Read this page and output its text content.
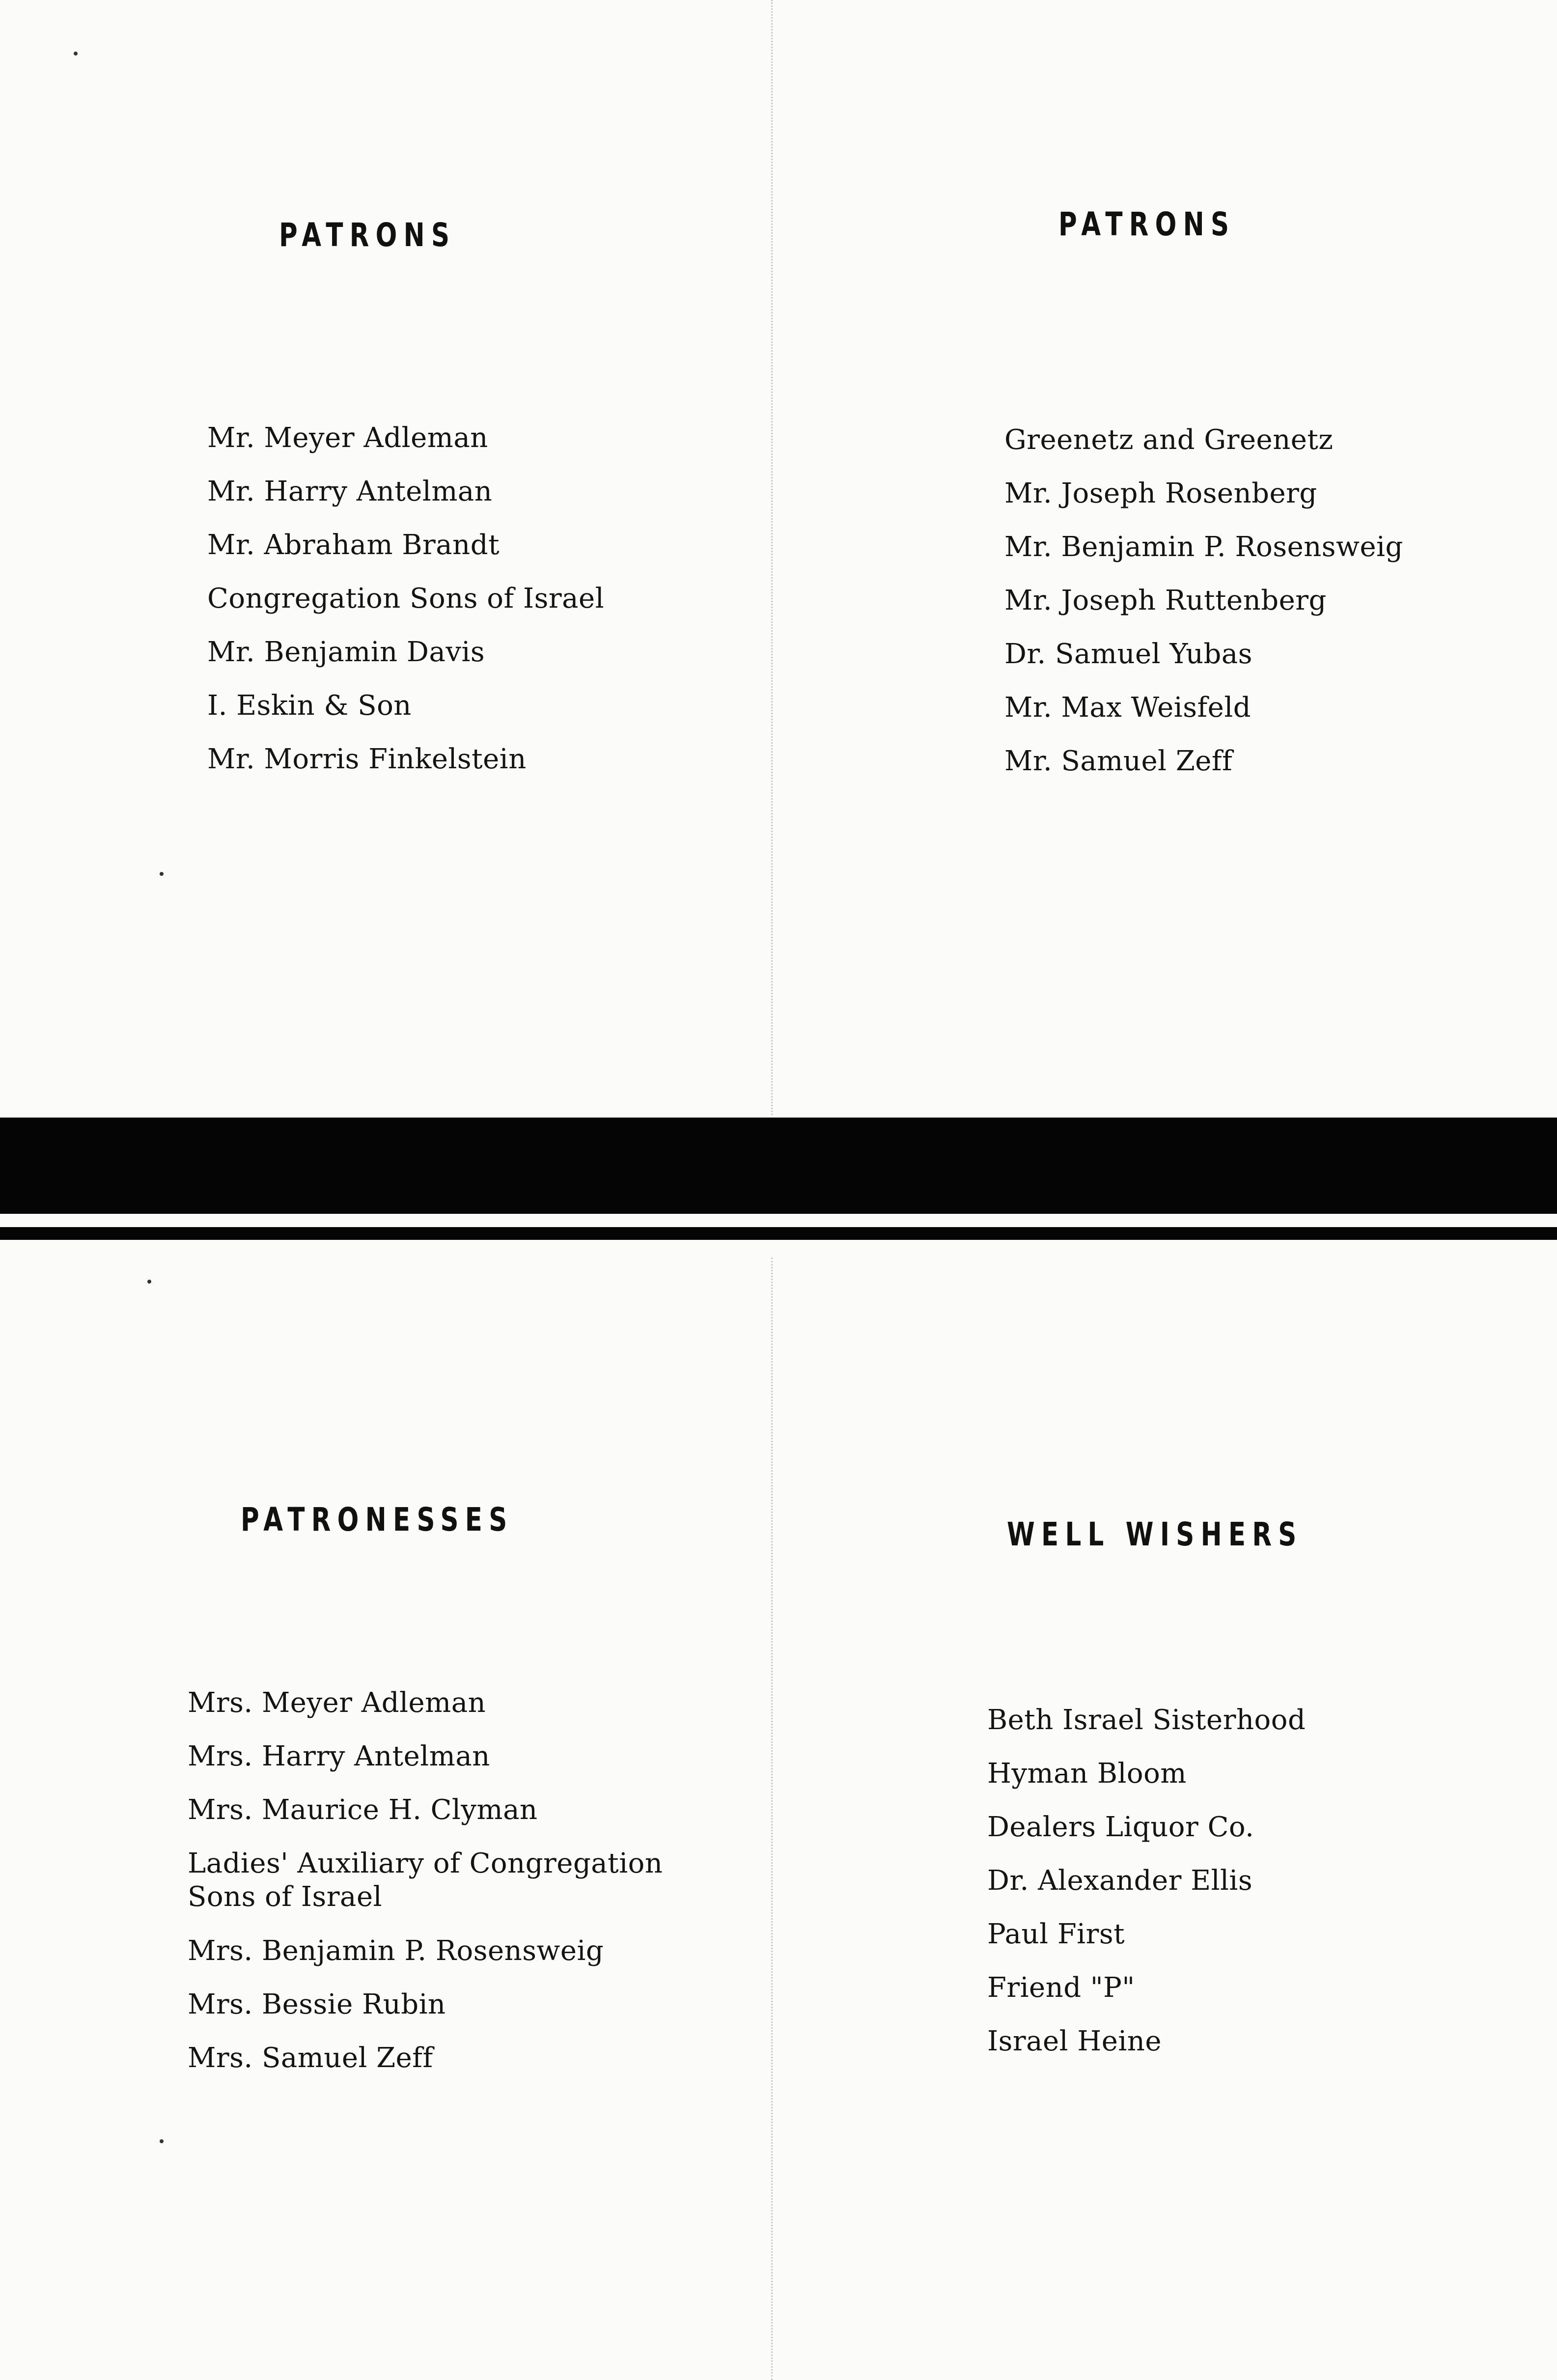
PATRONS
Mr. Meyer Adleman
Mr. Harry Antelman
Mr. Abraham Brandt
Congregation Sons of Israel
Mr. Benjamin Davis
I. Eskin & Son
Mr. Morris Finkelstein
PATRONS
Greenetz and Greenetz
Mr. Joseph Rosenberg
Mr. Benjamin P. Rosensweig
Mr. Joseph Ruttenberg
Dr. Samuel Yubas
Mr. Max Weisfeld
Mr. Samuel Zeff
PATRONESSES
Mrs. Meyer Adleman
Mrs. Harry Antelman
Mrs. Maurice H. Clyman
Ladies' Auxiliary of Congregation Sons of Israel
Mrs. Benjamin P. Rosensweig
Mrs. Bessie Rubin
Mrs. Samuel Zeff
WELL WISHERS
Beth Israel Sisterhood
Hyman Bloom
Dealers Liquor Co.
Dr. Alexander Ellis
Paul First
Friend "P"
Israel Heine
